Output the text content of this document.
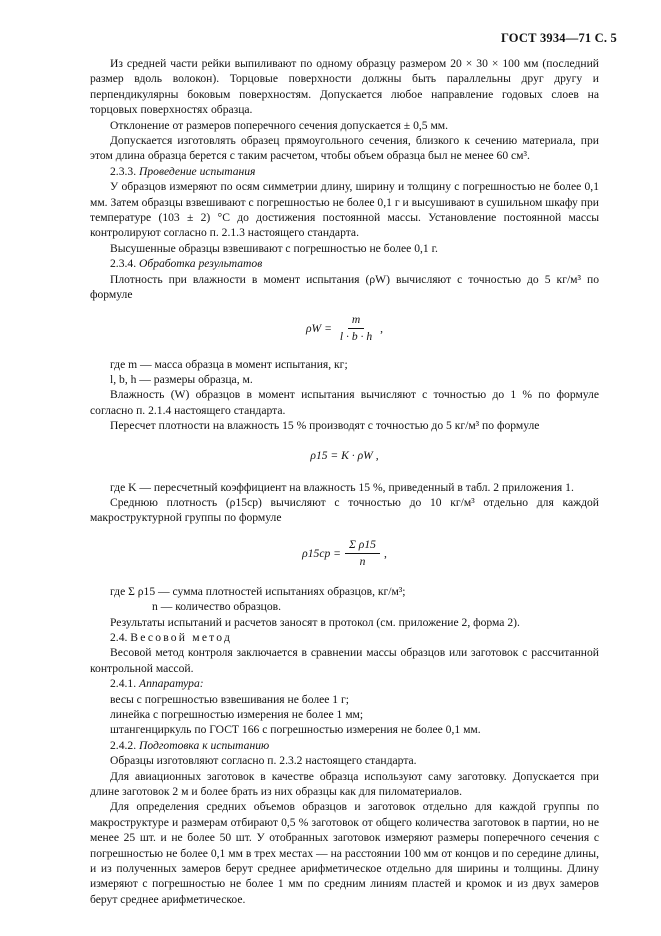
ГОСТ 3934—71 С. 5

Из средней части рейки выпиливают по одному образцу размером 20 × 30 × 100 мм (последний размер вдоль волокон). Торцовые поверхности должны быть параллельны друг другу и перпендикулярны боковым поверхностям. Допускается любое направление годовых слоев на торцовых поверхностях образца.

Отклонение от размеров поперечного сечения допускается ± 0,5 мм.

Допускается изготовлять образец прямоугольного сечения, близкого к сечению материала, при этом длина образца берется с таким расчетом, чтобы объем образца был не менее 60 см³.

2.3.3. Проведение испытания

У образцов измеряют по осям симметрии длину, ширину и толщину с погрешностью не более 0,1 мм. Затем образцы взвешивают с погрешностью не более 0,1 г и высушивают в сушильном шкафу при температуре (103 ± 2) °С до достижения постоянной массы. Установление постоянной массы контролируют согласно п. 2.1.3 настоящего стандарта.

Высушенные образцы взвешивают с погрешностью не более 0,1 г.

2.3.4. Обработка результатов

Плотность при влажности в момент испытания (ρW) вычисляют с точностью до 5 кг/м³ по формуле

$\rho W = \frac{m}{l \cdot b \cdot h}$ ,

где m — масса образца в момент испытания, кг;

l, b, h — размеры образца, м.

Влажность (W) образцов в момент испытания вычисляют с точностью до 1 % по формуле согласно п. 2.1.4 настоящего стандарта.

Пересчет плотности на влажность 15 % производят с точностью до 5 кг/м³ по формуле

ρ15 = K · ρW ,

где K — пересчетный коэффициент на влажность 15 %, приведенный в табл. 2 приложения 1.

Среднюю плотность (ρ15ср) вычисляют с точностью до 10 кг/м³ отдельно для каждой макроструктурной группы по формуле

$\rho 15ср = \frac{\text{Σ ρ15}}{n}$ ,

где Σ ρ15 — сумма плотностей испытаниях образцов, кг/м³;

n — количество образцов.

Результаты испытаний и расчетов заносят в протокол (см. приложение 2, форма 2).

2.4. Весовой метод

Весовой метод контроля заключается в сравнении массы образцов или заготовок с рассчитанной контрольной массой.

2.4.1. Аппаратура:

весы с погрешностью взвешивания не более 1 г;

линейка с погрешностью измерения не более 1 мм;

штангенциркуль по ГОСТ 166 с погрешностью измерения не более 0,1 мм.

2.4.2. Подготовка к испытанию

Образцы изготовляют согласно п. 2.3.2 настоящего стандарта.

Для авиационных заготовок в качестве образца используют саму заготовку. Допускается при длине заготовок 2 м и более брать из них образцы как для пиломатериалов.

Для определения средних объемов образцов и заготовок отдельно для каждой группы по макроструктуре и размерам отбирают 0,5 % заготовок от общего количества заготовок в партии, но не менее 25 шт. и не более 50 шт. У отобранных заготовок измеряют размеры поперечного сечения с погрешностью не более 0,1 мм в трех местах — на расстоянии 100 мм от концов и по середине длины, и из полученных замеров берут среднее арифметическое отдельно для ширины и толщины. Длину измеряют с погрешностью не более 1 мм по средним линиям пластей и кромок и из двух замеров берут среднее арифметическое.
